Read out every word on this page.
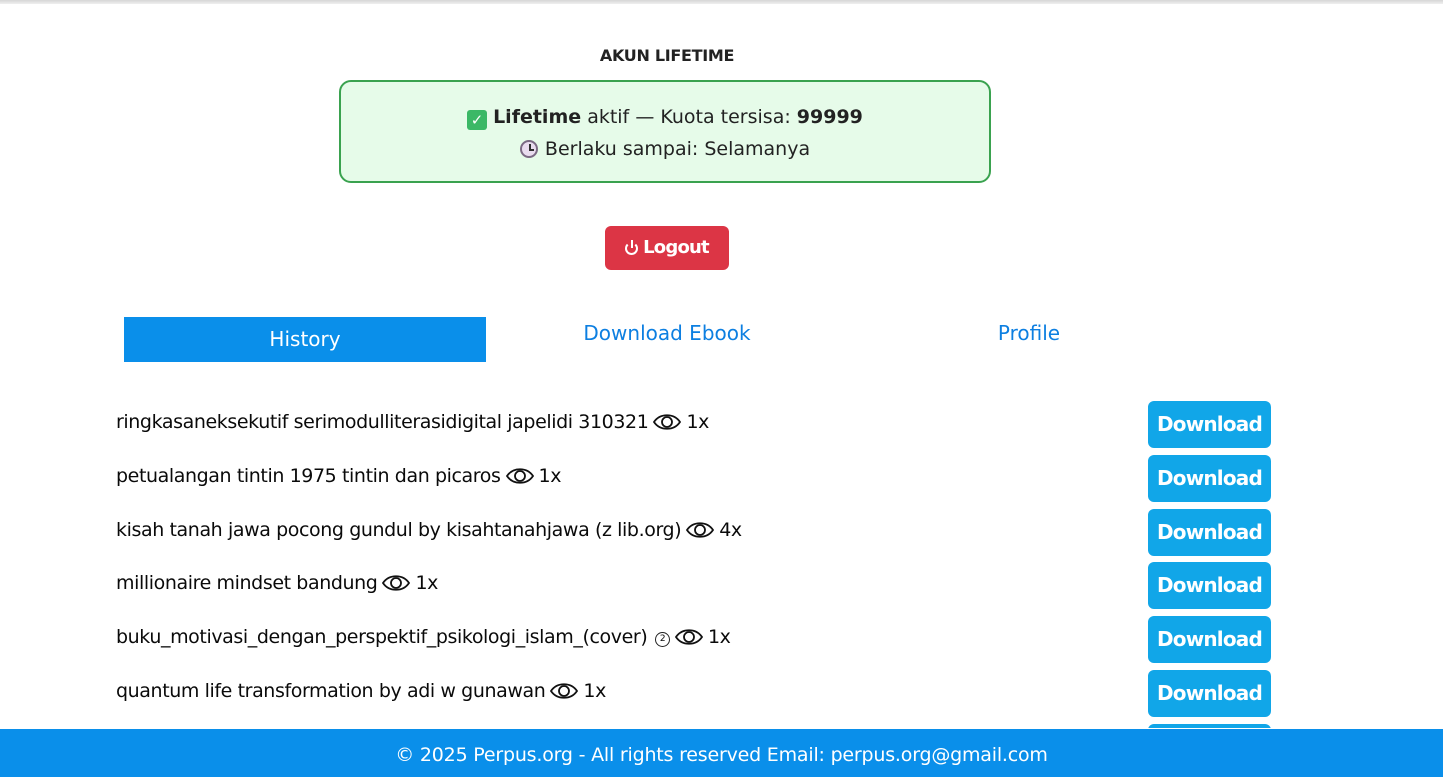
AKUN LIFETIME
✓ Lifetime aktif — Kuota tersisa: 99999
Berlaku sampai: Selamanya
Logout
History	Download Ebook	Profile
ringkasaneksekutif serimodulliterasidigital japelidi 310321 1x	Download
petualangan tintin 1975 tintin dan picaros 1x	Download
kisah tanah jawa pocong gundul by kisahtanahjawa (z lib.org) 4x	Download
millionaire mindset bandung 1x	Download
buku_motivasi_dengan_perspektif_psikologi_islam_(cover) 2 1x	Download
quantum life transformation by adi w gunawan 1x	Download
© 2025 Perpus.org - All rights reserved Email: perpus.org@gmail.com
